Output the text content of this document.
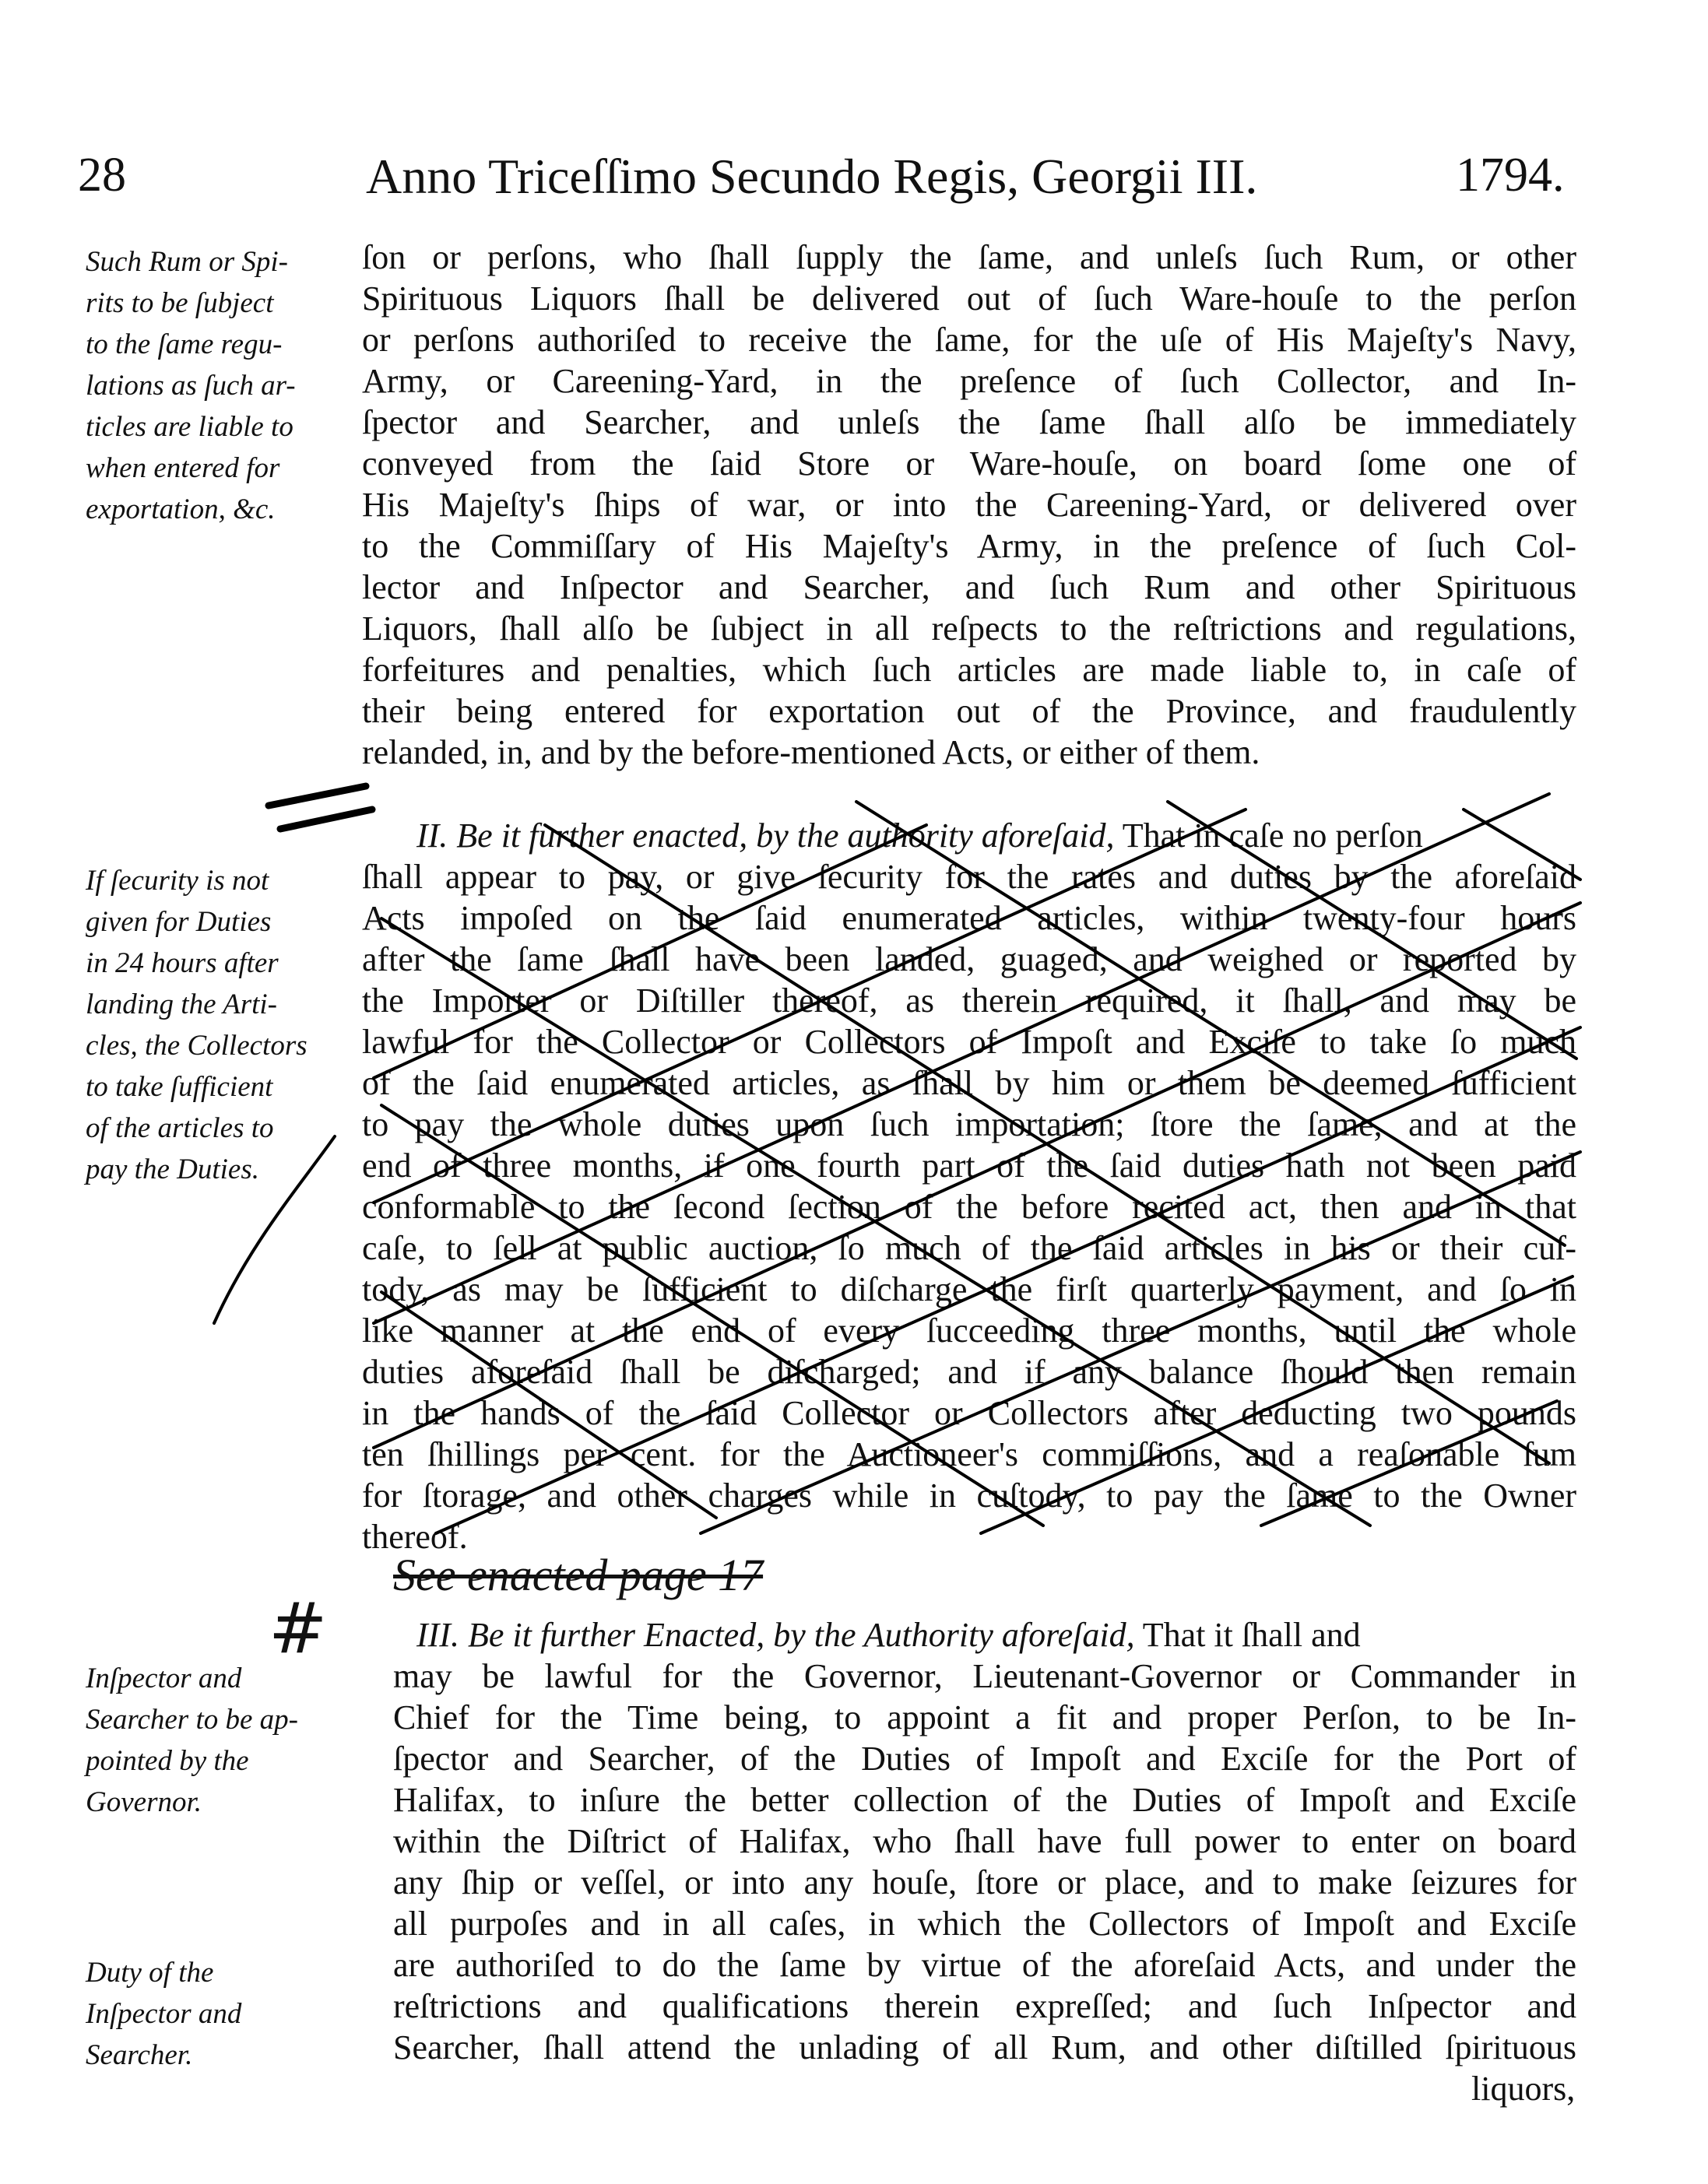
28	Anno Triceſſimo Secundo Regis, Georgii III.	1794.
Such Rum or Spi-
rits to be ſubject
to the ſame regu-
lations as ſuch ar-
ticles are liable to
when entered for
exportation, &c.
If ſecurity is not
given for Duties
in 24 hours after
landing the Arti-
cles, the Collectors
to take ſufficient
of the articles to
pay the Duties.
Inſpector and
Searcher to be ap-
pointed by the
Governor.
Duty of the
Inſpector and
Searcher.
ſon or perſons, who ſhall ſupply the ſame, and unleſs ſuch Rum, or other
Spirituous Liquors ſhall be delivered out of ſuch Ware-houſe to the perſon
or perſons authoriſed to receive the ſame, for the uſe of His Majeſty's Navy,
Army, or Careening-Yard, in the preſence of ſuch Collector, and In-
ſpector and Searcher, and unleſs the ſame ſhall alſo be immediately
conveyed from the ſaid Store or Ware-houſe, on board ſome one of
His Majeſty's ſhips of war, or into the Careening-Yard, or delivered over
to the Commiſſary of His Majeſty's Army, in the preſence of ſuch Col-
lector and Inſpector and Searcher, and ſuch Rum and other Spirituous
Liquors, ſhall alſo be ſubject in all reſpects to the reſtrictions and regulations,
forfeitures and penalties, which ſuch articles are made liable to, in caſe of
their being entered for exportation out of the Province, and fraudulently
relanded, in, and by the before-mentioned Acts, or either of them.
II. Be it further enacted, by the authority aforeſaid, That in caſe no perſon
ſhall appear to pay, or give ſecurity for the rates and duties by the aforeſaid
Acts impoſed on the ſaid enumerated articles, within twenty-four hours
after the ſame ſhall have been landed, guaged, and weighed or reported by
the Importer or Diſtiller thereof, as therein required, it ſhall, and may be
lawful for the Collector or Collectors of Impoſt and Exciſe to take ſo much
of the ſaid enumerated articles, as ſhall by him or them be deemed ſufficient
to pay the whole duties upon ſuch importation; ſtore the ſame, and at the
end of three months, if one fourth part of the ſaid duties hath not been paid
conformable to the ſecond ſection of the before recited act, then and in that
caſe, to ſell at public auction, ſo much of the ſaid articles in his or their cuſ-
tody, as may be ſufficient to diſcharge the firſt quarterly payment, and ſo in
like manner at the end of every ſucceeding three months, until the whole
duties aforeſaid ſhall be diſcharged; and if any balance ſhould then remain
in the hands of the ſaid Collector or Collectors after deducting two pounds
ten ſhillings per cent. for the Auctioneer's commiſſions, and a reaſonable ſum
for ſtorage, and other charges while in cuſtody, to pay the ſame to the Owner
thereof.
See enacted page 17
#	III. Be it further Enacted, by the Authority aforeſaid, That it ſhall and
may be lawful for the Governor, Lieutenant-Governor or Commander in
Chief for the Time being, to appoint a fit and proper Perſon, to be In-
ſpector and Searcher, of the Duties of Impoſt and Exciſe for the Port of
Halifax, to inſure the better collection of the Duties of Impoſt and Exciſe
within the Diſtrict of Halifax, who ſhall have full power to enter on board
any ſhip or veſſel, or into any houſe, ſtore or place, and to make ſeizures for
all purpoſes and in all caſes, in which the Collectors of Impoſt and Exciſe
are authoriſed to do the ſame by virtue of the aforeſaid Acts, and under the
reſtrictions and qualifications therein expreſſed; and ſuch Inſpector and
Searcher, ſhall attend the unlading of all Rum, and other diſtilled ſpirituous
liquors,
